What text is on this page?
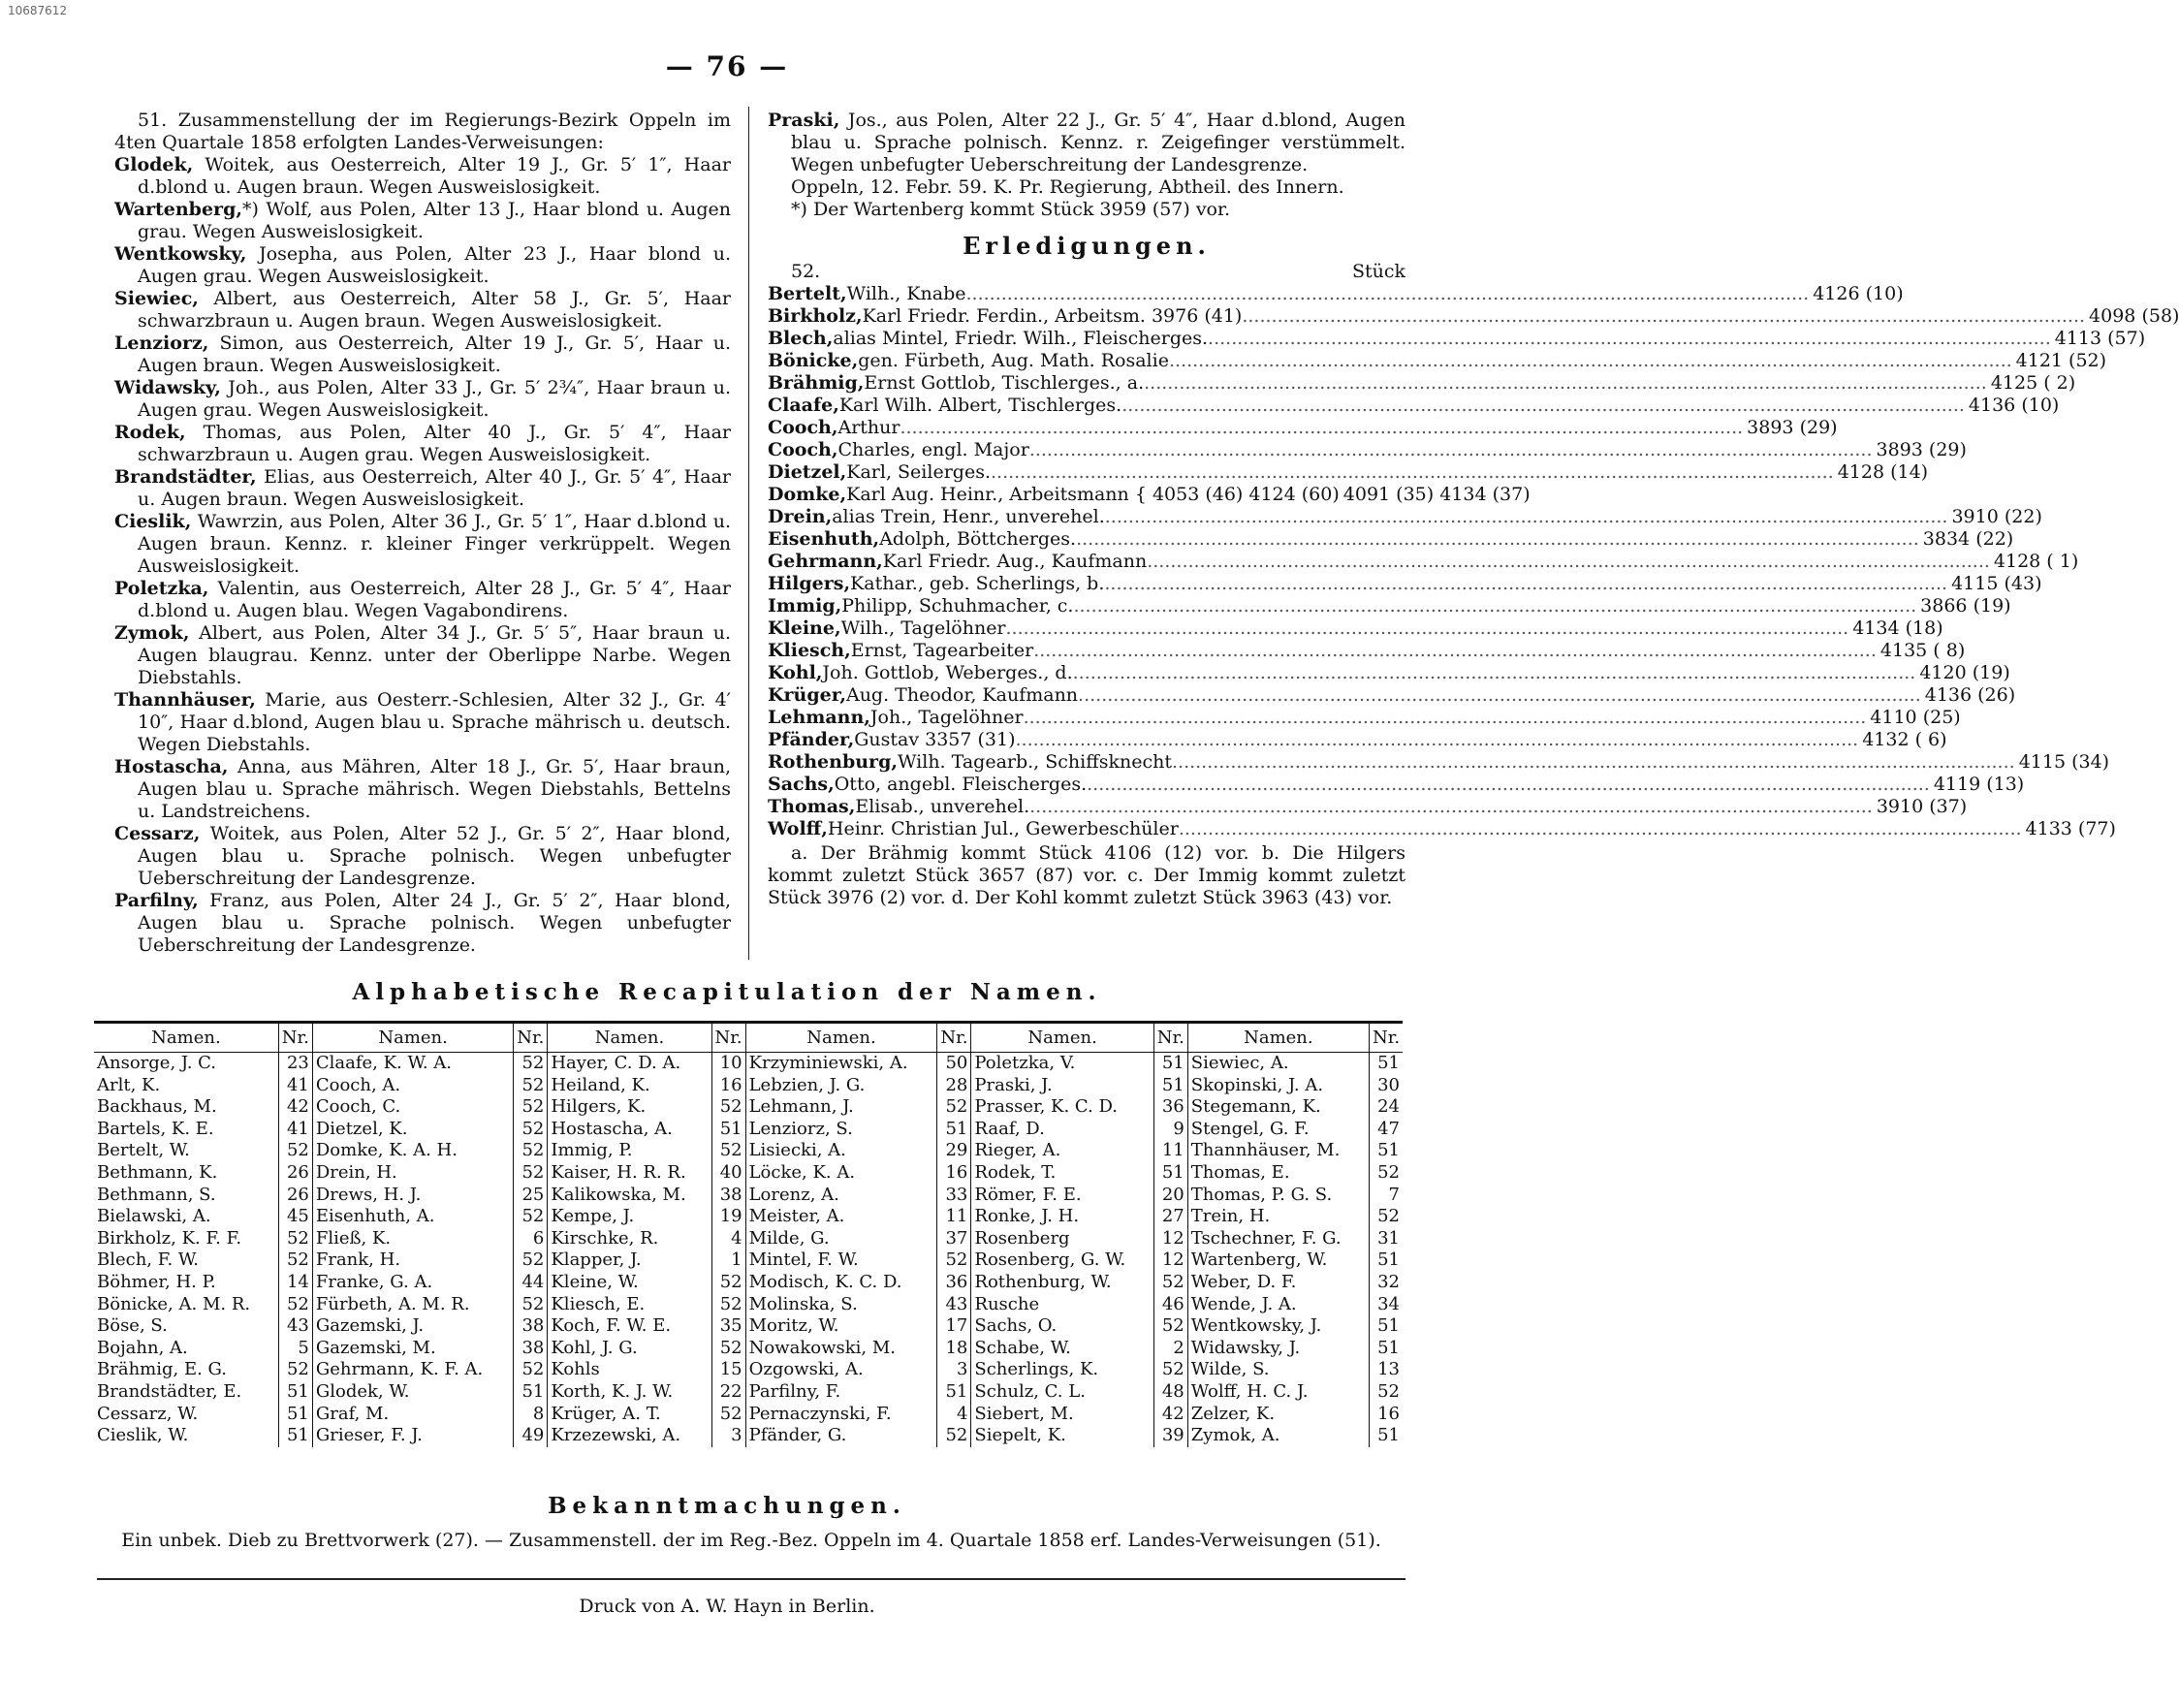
10687612
— 76 —

51. Zusammenstellung der im Regierungs-Bezirk Oppeln im 4ten Quartale 1858 erfolgten Landes-Verweisungen:

Glodek, Woitek, aus Oesterreich, Alter 19 J., Gr. 5′ 1″, Haar d.blond u. Augen braun. Wegen Ausweislosigkeit.

Wartenberg,*) Wolf, aus Polen, Alter 13 J., Haar blond u. Augen grau. Wegen Ausweislosigkeit.

Wentkowsky, Josepha, aus Polen, Alter 23 J., Haar blond u. Augen grau. Wegen Ausweislosigkeit.

Siewiec, Albert, aus Oesterreich, Alter 58 J., Gr. 5′, Haar schwarzbraun u. Augen braun. Wegen Ausweislosigkeit.

Lenziorz, Simon, aus Oesterreich, Alter 19 J., Gr. 5′, Haar u. Augen braun. Wegen Ausweislosigkeit.

Widawsky, Joh., aus Polen, Alter 33 J., Gr. 5′ 2¾″, Haar braun u. Augen grau. Wegen Ausweislosigkeit.

Rodek, Thomas, aus Polen, Alter 40 J., Gr. 5′ 4″, Haar schwarzbraun u. Augen grau. Wegen Ausweislosigkeit.

Brandstädter, Elias, aus Oesterreich, Alter 40 J., Gr. 5′ 4″, Haar u. Augen braun. Wegen Ausweislosigkeit.

Cieslik, Wawrzin, aus Polen, Alter 36 J., Gr. 5′ 1″, Haar d.blond u. Augen braun. Kennz. r. kleiner Finger verkrüppelt. Wegen Ausweislosigkeit.

Poletzka, Valentin, aus Oesterreich, Alter 28 J., Gr. 5′ 4″, Haar d.blond u. Augen blau. Wegen Vagabondirens.

Zymok, Albert, aus Polen, Alter 34 J., Gr. 5′ 5″, Haar braun u. Augen blaugrau. Kennz. unter der Oberlippe Narbe. Wegen Diebstahls.

Thannhäuser, Marie, aus Oesterr.-Schlesien, Alter 32 J., Gr. 4′ 10″, Haar d.blond, Augen blau u. Sprache mährisch u. deutsch. Wegen Diebstahls.

Hostascha, Anna, aus Mähren, Alter 18 J., Gr. 5′, Haar braun, Augen blau u. Sprache mährisch. Wegen Diebstahls, Bettelns u. Landstreichens.

Cessarz, Woitek, aus Polen, Alter 52 J., Gr. 5′ 2″, Haar blond, Augen blau u. Sprache polnisch. Wegen unbefugter Ueberschreitung der Landesgrenze.

Parfilny, Franz, aus Polen, Alter 24 J., Gr. 5′ 2″, Haar blond, Augen blau u. Sprache polnisch. Wegen unbefugter Ueberschreitung der Landesgrenze.

Praski, Jos., aus Polen, Alter 22 J., Gr. 5′ 4″, Haar d.blond, Augen blau u. Sprache polnisch. Kennz. r. Zeigefinger verstümmelt. Wegen unbefugter Ueberschreitung der Landesgrenze.

Oppeln, 12. Febr. 59. K. Pr. Regierung, Abtheil. des Innern.

*) Der Wartenberg kommt Stück 3959 (57) vor.

Erledigungen.
52.	Stück
Bertelt, Wilh., Knabe .....	4126 (10)
Birkholz, Karl Friedr. Ferdin., Arbeitsm. 3976 (41) .....	4098 (58)
Blech, alias Mintel, Friedr. Wilh., Fleischerges. .....	4113 (57)
Bönicke, gen. Fürbeth, Aug. Math. Rosalie .....	4121 (52)
Brähmig, Ernst Gottlob, Tischlerges., a. .....	4125 ( 2)
Claafe, Karl Wilh. Albert, Tischlerges. .....	4136 (10)
Cooch, Arthur .....	3893 (29)
Cooch, Charles, engl. Major .....	3893 (29)
Dietzel, Karl, Seilerges. .....	4128 (14)
Domke, Karl Aug. Heinr., Arbeitsmann { 4053 (46) 4124 (60) 4091 (35) 4134 (37)
Drein, alias Trein, Henr., unverehel. .....	3910 (22)
Eisenhuth, Adolph, Böttcherges. .....	3834 (22)
Gehrmann, Karl Friedr. Aug., Kaufmann .....	4128 ( 1)
Hilgers, Kathar., geb. Scherlings, b. .....	4115 (43)
Immig, Philipp, Schuhmacher, c. .....	3866 (19)
Kleine, Wilh., Tagelöhner .....	4134 (18)
Kliesch, Ernst, Tagearbeiter .....	4135 ( 8)
Kohl, Joh. Gottlob, Weberges., d. .....	4120 (19)
Krüger, Aug. Theodor, Kaufmann .....	4136 (26)
Lehmann, Joh., Tagelöhner .....	4110 (25)
Pfänder, Gustav 3357 (31) .....	4132 ( 6)
Rothenburg, Wilh. Tagearb., Schiffsknecht .....	4115 (34)
Sachs, Otto, angebl. Fleischerges. .....	4119 (13)
Thomas, Elisab., unverehel. .....	3910 (37)
Wolff, Heinr. Christian Jul., Gewerbeschüler .....	4133 (77)

a. Der Brähmig kommt Stück 4106 (12) vor. b. Die Hilgers kommt zuletzt Stück 3657 (87) vor. c. Der Immig kommt zuletzt Stück 3976 (2) vor. d. Der Kohl kommt zuletzt Stück 3963 (43) vor.

Alphabetische Recapitulation der Namen.
Namen.	Nr.	Namen.	Nr.	Namen.	Nr.	Namen.	Nr.	Namen.	Nr.	Namen.	Nr.
Ansorge, J. C.	23	Claafe, K. W. A.	52	Hayer, C. D. A.	10	Krzyminiewski, A.	50	Poletzka, V.	51	Siewiec, A.	51
Arlt, K.	41	Cooch, A.	52	Heiland, K.	16	Lebzien, J. G.	28	Praski, J.	51	Skopinski, J. A.	30
Backhaus, M.	42	Cooch, C.	52	Hilgers, K.	52	Lehmann, J.	52	Prasser, K. C. D.	36	Stegemann, K.	24
Bartels, K. E.	41	Dietzel, K.	52	Hostascha, A.	51	Lenziorz, S.	51	Raaf, D.	9	Stengel, G. F.	47
Bertelt, W.	52	Domke, K. A. H.	52	Immig, P.	52	Lisiecki, A.	29	Rieger, A.	11	Thannhäuser, M.	51
Bethmann, K.	26	Drein, H.	52	Kaiser, H. R. R.	40	Löcke, K. A.	16	Rodek, T.	51	Thomas, E.	52
Bethmann, S.	26	Drews, H. J.	25	Kalikowska, M.	38	Lorenz, A.	33	Römer, F. E.	20	Thomas, P. G. S.	7
Bielawski, A.	45	Eisenhuth, A.	52	Kempe, J.	19	Meister, A.	11	Ronke, J. H.	27	Trein, H.	52
Birkholz, K. F. F.	52	Fließ, K.	6	Kirschke, R.	4	Milde, G.	37	Rosenberg	12	Tschechner, F. G.	31
Blech, F. W.	52	Frank, H.	52	Klapper, J.	1	Mintel, F. W.	52	Rosenberg, G. W.	12	Wartenberg, W.	51
Böhmer, H. P.	14	Franke, G. A.	44	Kleine, W.	52	Modisch, K. C. D.	36	Rothenburg, W.	52	Weber, D. F.	32
Bönicke, A. M. R.	52	Fürbeth, A. M. R.	52	Kliesch, E.	52	Molinska, S.	43	Rusche	46	Wende, J. A.	34
Böse, S.	43	Gazemski, J.	38	Koch, F. W. E.	35	Moritz, W.	17	Sachs, O.	52	Wentkowsky, J.	51
Bojahn, A.	5	Gazemski, M.	38	Kohl, J. G.	52	Nowakowski, M.	18	Schabe, W.	2	Widawsky, J.	51
Brähmig, E. G.	52	Gehrmann, K. F. A.	52	Kohls	15	Ozgowski, A.	3	Scherlings, K.	52	Wilde, S.	13
Brandstädter, E.	51	Glodek, W.	51	Korth, K. J. W.	22	Parfilny, F.	51	Schulz, C. L.	48	Wolff, H. C. J.	52
Cessarz, W.	51	Graf, M.	8	Krüger, A. T.	52	Pernaczynski, F.	4	Siebert, M.	42	Zelzer, K.	16
Cieslik, W.	51	Grieser, F. J.	49	Krzezewski, A.	3	Pfänder, G.	52	Siepelt, K.	39	Zymok, A.	51
Bekanntmachungen.
Ein unbek. Dieb zu Brettvorwerk (27). — Zusammenstell. der im Reg.-Bez. Oppeln im 4. Quartale 1858 erf. Landes-Verweisungen (51).
Druck von A. W. Hayn in Berlin.
